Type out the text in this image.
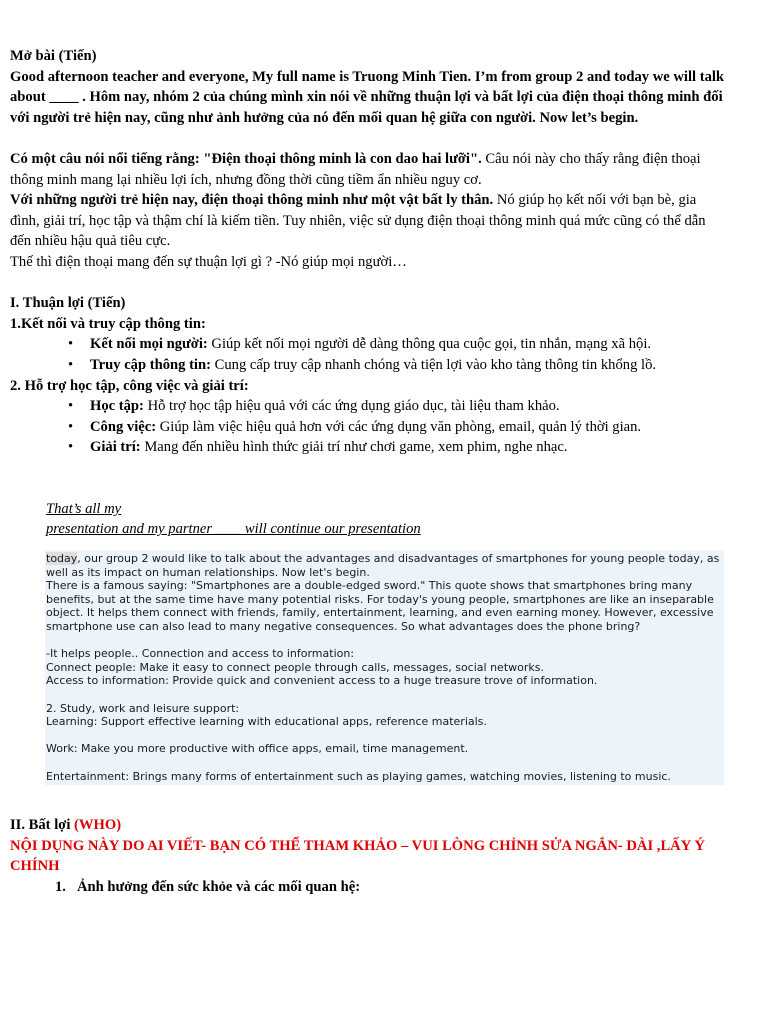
Mở bài (Tiến)

Good afternoon teacher and everyone, My full name is Truong Minh Tien. I’m from group 2 and today we will talk about ____ . Hôm nay, nhóm 2 của chúng mình xin nói về những thuận lợi và bất lợi của điện thoại thông minh đối với người trẻ hiện nay, cũng như ảnh hưởng của nó đến mối quan hệ giữa con người. Now let’s begin.

Có một câu nói nổi tiếng rằng: "Điện thoại thông minh là con dao hai lưỡi". Câu nói này cho thấy rằng điện thoại thông minh mang lại nhiều lợi ích, nhưng đồng thời cũng tiềm ẩn nhiều nguy cơ.

Với những người trẻ hiện nay, điện thoại thông minh như một vật bất ly thân. Nó giúp họ kết nối với bạn bè, gia đình, giải trí, học tập và thậm chí là kiếm tiền. Tuy nhiên, việc sử dụng điện thoại thông minh quá mức cũng có thể dẫn đến nhiều hậu quả tiêu cực.

Thế thì điện thoại mang đến sự thuận lợi gì ? -Nó giúp mọi người…

I. Thuận lợi (Tiến)

1.Kết nối và truy cập thông tin:

• Kết nối mọi người: Giúp kết nối mọi người dễ dàng thông qua cuộc gọi, tin nhắn, mạng xã hội.
• Truy cập thông tin: Cung cấp truy cập nhanh chóng và tiện lợi vào kho tàng thông tin khổng lồ.

2. Hỗ trợ học tập, công việc và giải trí:

• Học tập: Hỗ trợ học tập hiệu quả với các ứng dụng giáo dục, tài liệu tham khảo.
• Công việc: Giúp làm việc hiệu quả hơn với các ứng dụng văn phòng, email, quản lý thời gian.
• Giải trí: Mang đến nhiều hình thức giải trí như chơi game, xem phim, nghe nhạc.

That’s all my

presentation and my partner____ will continue our presentation

today, our group 2 would like to talk about the advantages and disadvantages of smartphones for young people today, as well as its impact on human relationships. Now let's begin.

There is a famous saying: "Smartphones are a double-edged sword." This quote shows that smartphones bring many benefits, but at the same time have many potential risks. For today's young people, smartphones are like an inseparable object. It helps them connect with friends, family, entertainment, learning, and even earning money. However, excessive smartphone use can also lead to many negative consequences. So what advantages does the phone bring?

-It helps people.. Connection and access to information:

Connect people: Make it easy to connect people through calls, messages, social networks.

Access to information: Provide quick and convenient access to a huge treasure trove of information.

2. Study, work and leisure support:

Learning: Support effective learning with educational apps, reference materials.

Work: Make you more productive with office apps, email, time management.

Entertainment: Brings many forms of entertainment such as playing games, watching movies, listening to music.

II. Bất lợi (WHO)

NỘI DỤNG NÀY DO AI VIẾT- BẠN CÓ THỂ THAM KHẢO – VUI LÒNG CHỈNH SỬA NGẮN- DÀI ,LẤY Ý CHÍNH

1. Ảnh hưởng đến sức khỏe và các mối quan hệ:
